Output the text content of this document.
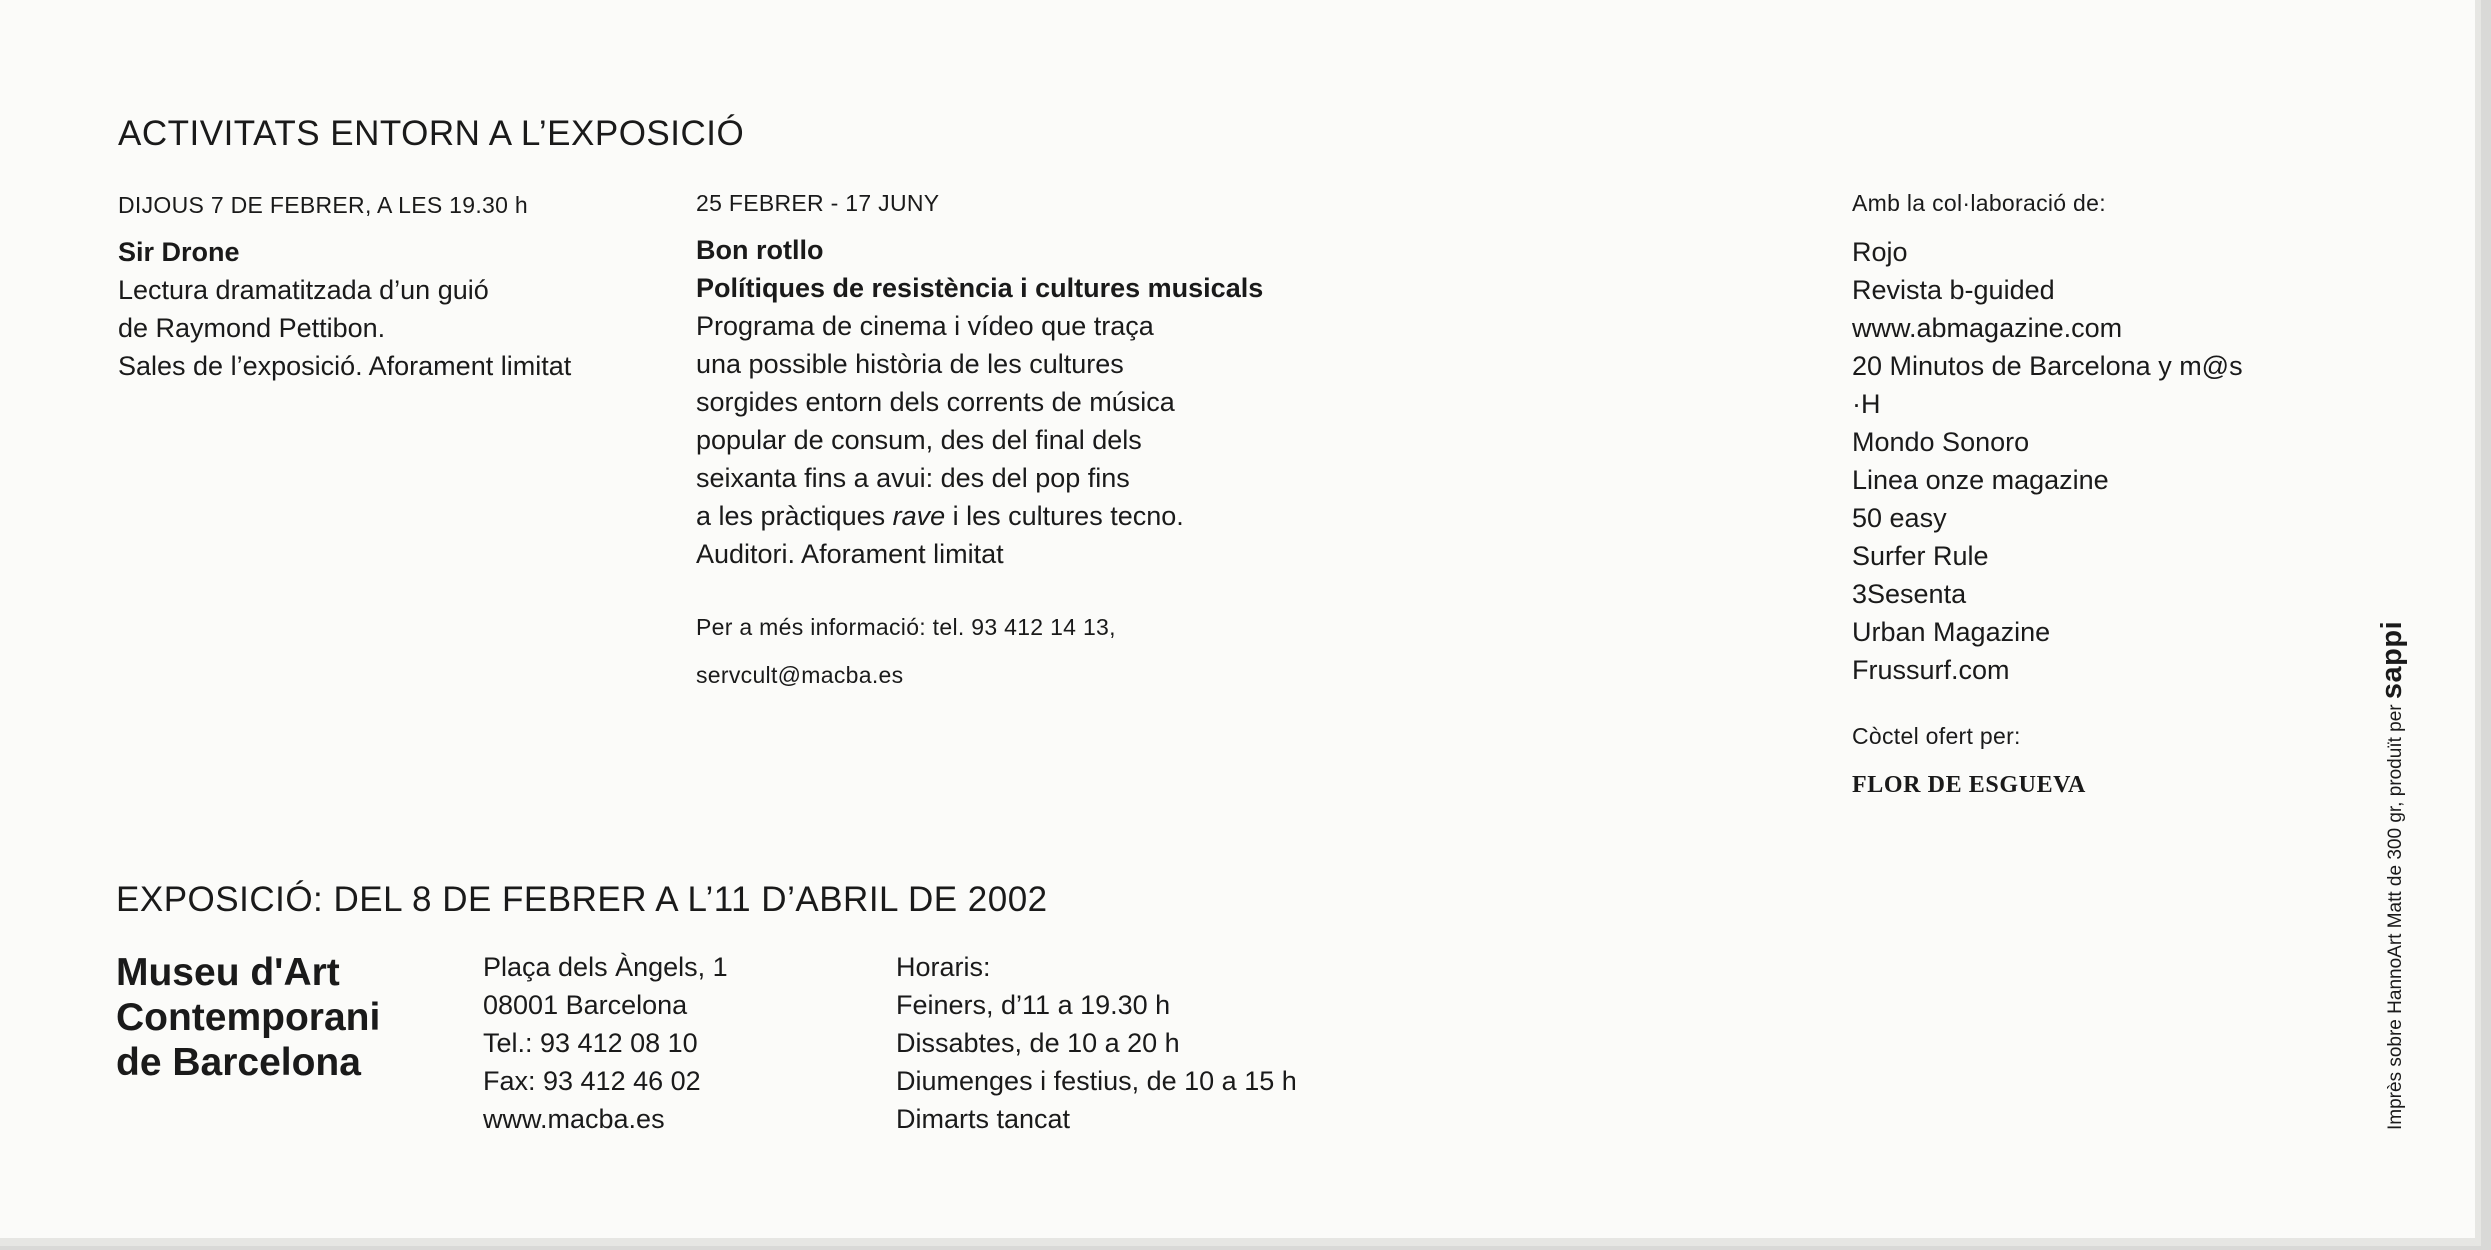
ACTIVITATS ENTORN A L’EXPOSICIÓ
DIJOUS 7 DE FEBRER, A LES 19.30 h
Sir Drone
Lectura dramatitzada d’un guió
de Raymond Pettibon.
Sales de l’exposició. Aforament limitat
25 FEBRER - 17 JUNY
Bon rotllo
Polítiques de resistència i cultures musicals
Programa de cinema i vídeo que traça
una possible història de les cultures
sorgides entorn dels corrents de música
popular de consum, des del final dels
seixanta fins a avui: des del pop fins
a les pràctiques rave i les cultures tecno.
Auditori. Aforament limitat
Per a més informació: tel. 93 412 14 13,
servcult@macba.es
Amb la col·laboració de:
Rojo
Revista b-guided
www.abmagazine.com
20 Minutos de Barcelona y m@s
·H
Mondo Sonoro
Linea onze magazine
50 easy
Surfer Rule
3Sesenta
Urban Magazine
Frussurf.com
Còctel ofert per:
FLOR DE ESGUEVA
EXPOSICIÓ: DEL 8 DE FEBRER A L’11 D’ABRIL DE 2002
Museu d'Art
Contemporani
de Barcelona
Plaça dels Àngels, 1
08001 Barcelona
Tel.: 93 412 08 10
Fax: 93 412 46 02
www.macba.es
Horaris:
Feiners, d’11 a 19.30 h
Dissabtes, de 10 a 20 h
Diumenges i festius, de 10 a 15 h
Dimarts tancat	Imprès sobre HannoArt Matt de 300 gr, produït per sappi
